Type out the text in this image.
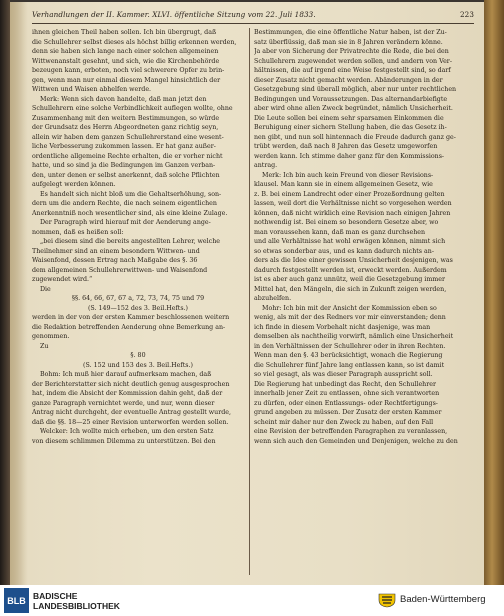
Verhandlungen der II. Kammer. XLVI. öffentliche Sitzung vom 22. Juli 1833.	223
ihnen gleichen Theil haben sollen. Ich bin übergrugt, daß
die Schullehrer selbst dieses als höchst billig erkennen werden,
denn sie haben sich lange nach einer solchen allgemeinen
Wittwenanstalt gesehnt, und sich, wie die Kirchenbehörde
bezeugen kann, erboten, noch viel schwerere Opfer zu brin-
gen, wenn man nur einmal diesem Mangel hinsichtlich der
Wittwen und Waisen abhelfen werde.
Merk: Wenn sich davon handelte, daß man jetzt den
Schullehrern eine solche Verbindlichkeit auflegen wollte, ohne
Zusammenhang mit den weitern Bestimmungen, so würde
der Grundsatz des Herrn Abgeordneten ganz richtig seyn,
allein wir haben dem ganzen Schullehrerstand eine wesent-
liche Verbesserung zukommen lassen. Er hat ganz außer-
ordentliche allgemeine Rechte erhalten, die er vorher nicht
hatte, und so sind ja die Bedingungen im Ganzen verban-
den, unter denen er selbst anerkennt, daß solche Pflichten
aufgelegt werden können.
Es handelt sich nicht bloß um die Gehaltserhöhung, son-
dern um die andern Rechte, die nach seinem eigentlichen
Anerkenntniß noch wesentlicher sind, als eine kleine Zulage.
Der Paragraph wird hierauf mit der Aenderung ange-
nommen, daß es heißen soll:
„bei diesem sind die bereits angestellten Lehrer, welche
Theilnehmer sind an einem besondern Wittwen- und
Waisenfond, dessen Ertrag nach Maßgabe des §. 36
dem allgemeinen Schullehrerwittwen- und Waisenfond
zugewendet wird.“
Die
§§. 64, 66, 67, 67 a, 72, 73, 74, 75 und 79
(S. 149—152 des 3. Beil.Hefts.)
werden in der von der ersten Kammer beschlossenen weitern
die Redaktion betreffenden Aenderung ohne Bemerkung an-
genommen.
Zu
§. 80
(S. 152 und 153 des 3. Beil.Hefts.)
Bohm: Ich muß hier darauf aufmerksam machen, daß
der Berichterstatter sich nicht deutlich genug ausgesprochen
hat, indem die Absicht der Kommission dahin geht, daß der
ganze Paragraph vernichtet werde, und nur, wenn dieser
Antrag nicht durchgeht, der eventuelle Antrag gestellt wurde,
daß die §§. 18—25 einer Revision unterworfen werden sollen.
Welcker: Ich wollte mich erheben, um den ersten Satz
von diesem schlimmen Dilemma zu unterstützen. Bei den
Bestimmungen, die eine öffentliche Natur haben, ist der Zu-
satz überflüssig, daß man sie in 8 Jahren verändern könne.
Ja aber von Sicherung der Privatrechte die Rede, die bei den
Schullehrern zugewendet werden sollen, und andern von Ver-
hältnissen, die auf irgend eine Weise festgestellt sind, so darf
dieser Zusatz nicht gemacht werden. Abänderungen in der
Gesetzgebung sind überall möglich, aber nur unter rechtlichen
Bedingungen und Voraussetzungen. Das alternandarbiefigte
aber wird ohne allen Zweck begründet, nämlich Unsicherheit.
Die Leute sollen bei einem sehr sparsamen Einkommen die
Beruhigung einer sichern Stellung haben, die das Gesetz ih-
nen gibt, und nun soll hintennach die Freude dadurch ganz ge-
trübt werden, daß nach 8 Jahren das Gesetz umgeworfen
werden kann. Ich stimme daher ganz für den Kommissions-
antrag.
Merk: Ich bin auch kein Freund von dieser Revisions-
klausel. Man kann sie in einem allgemeinen Gesetz, wie
z. B. bei einem Landrecht oder einer Prozeßordnung gelten
lassen, weil dort die Verhältnisse nicht so vorgesehen werden
können, daß nicht wirklich eine Revision nach einigen Jahren
nothwendig ist. Bei einem so besondern Gesetze aber, wo
man voraussehen kann, daß man es ganz durchsehen
und alle Verhältnisse hat wohl erwägen können, nimmt sich
so etwas sonderbar aus, und es kann dadurch nichts an-
ders als die Idee einer gewissen Unsicherheit desjenigen, was
dadurch festgestellt werden ist, erweckt werden. Außerdem
ist es aber auch ganz unnütz, weil die Gesetzgebung immer
Mittel hat, den Mängeln, die sich in Zukunft zeigen werden,
abzuhelfen.
Mohr: Ich bin mit der Ansicht der Kommission eben so
wenig, als mit der des Redners vor mir einverstanden; denn
ich finde in diesem Vorbehalt nicht dasjenige, was man
demselben als nachtheilig vorwirft, nämlich eine Unsicherheit
in den Verhältnissen der Schullehrer oder in ihren Rechten.
Wenn man den §. 43 berücksichtigt, wonach die Regierung
die Schullehrer fünf Jahre lang entlassen kann, so ist damit
so viel gesagt, als was dieser Paragraph ausspricht soll.
Die Regierung hat unbedingt das Recht, den Schullehrer
innerhalb jener Zeit zu entlassen, ohne sich verantworten
zu dürfen, oder einen Entlassungs- oder Rechtfertigungs-
grund angeben zu müssen. Der Zusatz der ersten Kammer
scheint mir daher nur den Zweck zu haben, auf den Fall
eine Revision der betreffenden Paragraphen zu veranlassen,
wenn sich auch den Gemeinden und Denjenigen, welche zu den
BLB BADISCHE
LANDESBIBLIOTHEK
Baden-Württemberg
